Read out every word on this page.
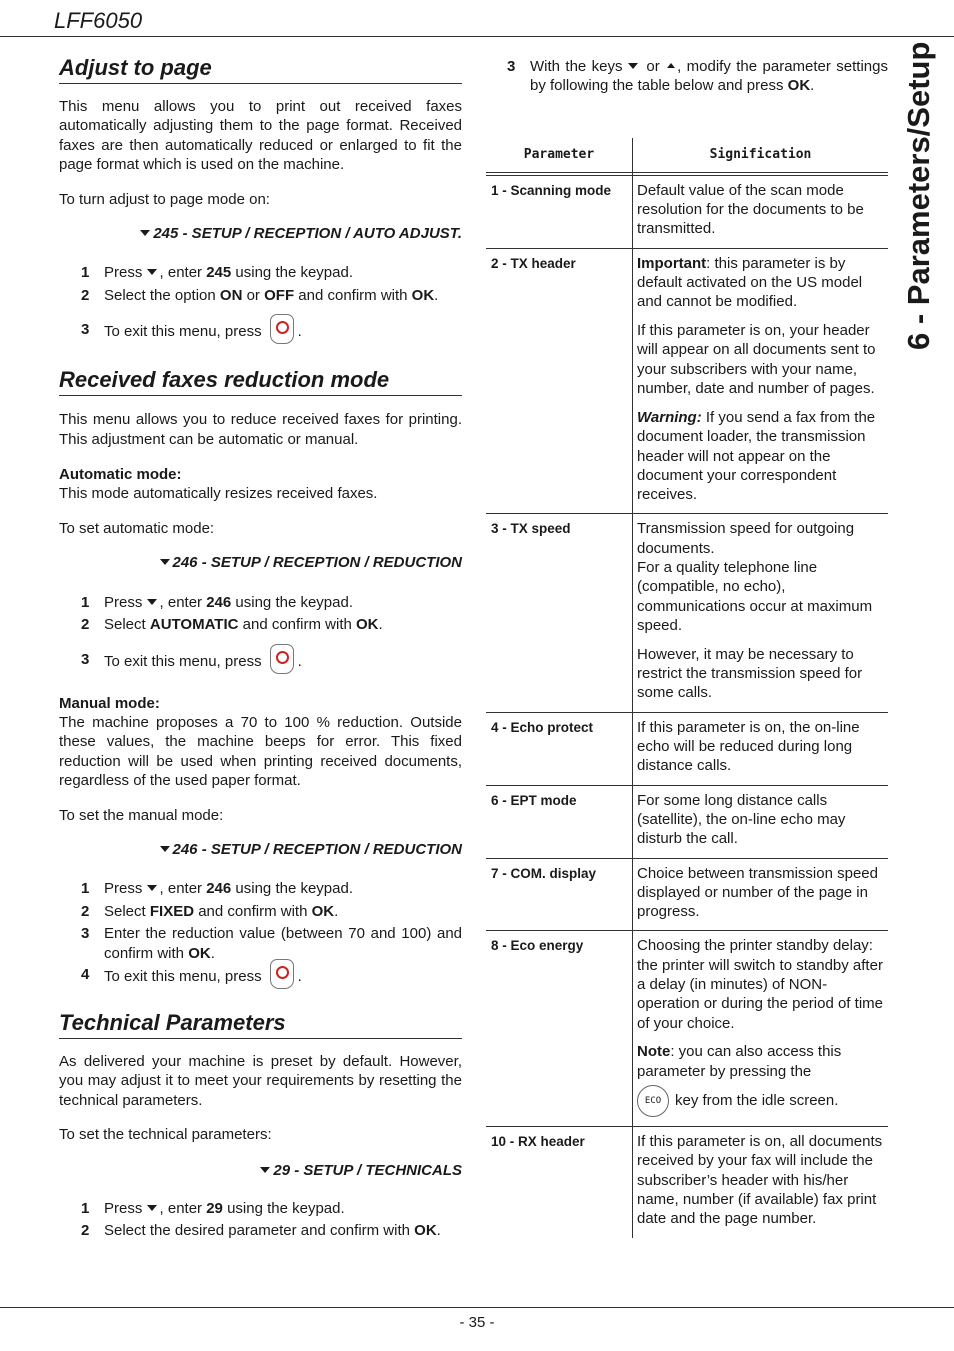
LFF6050
6 - Parameters/Setup
Adjust to page

This menu allows you to print out received faxes automatically adjusting them to the page format. Received faxes are then automatically reduced or enlarged to fit the page format which is used on the machine.

To turn adjust to page mode on:

245 - SETUP / RECEPTION / AUTO ADJUST.

1 Press , enter 245 using the keypad.
2 Select the option ON or OFF and confirm with OK.
3 To exit this menu, press .
Received faxes reduction mode

This menu allows you to reduce received faxes for printing. This adjustment can be automatic or manual.

Automatic mode:

This mode automatically resizes received faxes.

To set automatic mode:

246 - SETUP / RECEPTION / REDUCTION

1 Press , enter 246 using the keypad.
2 Select AUTOMATIC and confirm with OK.
3 To exit this menu, press .

Manual mode:

The machine proposes a 70 to 100 % reduction. Outside these values, the machine beeps for error. This fixed reduction will be used when printing received documents, regardless of the used paper format.

To set the manual mode:

246 - SETUP / RECEPTION / REDUCTION

1 Press , enter 246 using the keypad.
2 Select FIXED and confirm with OK.
3 Enter the reduction value (between 70 and 100) and confirm with OK.
4 To exit this menu, press .
Technical Parameters

As delivered your machine is preset by default. However, you may adjust it to meet your requirements by resetting the technical parameters.

To set the technical parameters:

29 - SETUP / TECHNICALS

1 Press , enter 29 using the keypad.
2 Select the desired parameter and confirm with OK.
3 With the keys  or , modify the parameter settings by following the table below and press OK.
Parameter	Signification

1 - Scanning mode	Default value of the scan mode resolution for the documents to be transmitted.
2 - TX header	Important: this parameter is by default activated on the US model and cannot be modified.
If this parameter is on, your header will appear on all documents sent to your subscribers with your name, number, date and number of pages.
Warning: If you send a fax from the document loader, the transmission header will not appear on the document your correspondent receives.

3 - TX speed	Transmission speed for outgoing documents.
For a quality telephone line (compatible, no echo), communications occur at maximum speed.
However, it may be necessary to restrict the transmission speed for some calls.

4 - Echo protect	If this parameter is on, the on-line echo will be reduced during long distance calls.
6 - EPT mode	For some long distance calls (satellite), the on-line echo may disturb the call.
7 - COM. display	Choice between transmission speed displayed or number of the page in progress.
8 - Eco energy	Choosing the printer standby delay: the printer will switch to standby after a delay (in minutes) of NON-operation or during the period of time of your choice.
Note: you can also access this parameter by pressing the
ECO key from the idle screen.

10 - RX header	If this parameter is on, all documents received by your fax will include the subscriber’s header with his/her name, number (if available) fax print date and the page number.
- 35 -
